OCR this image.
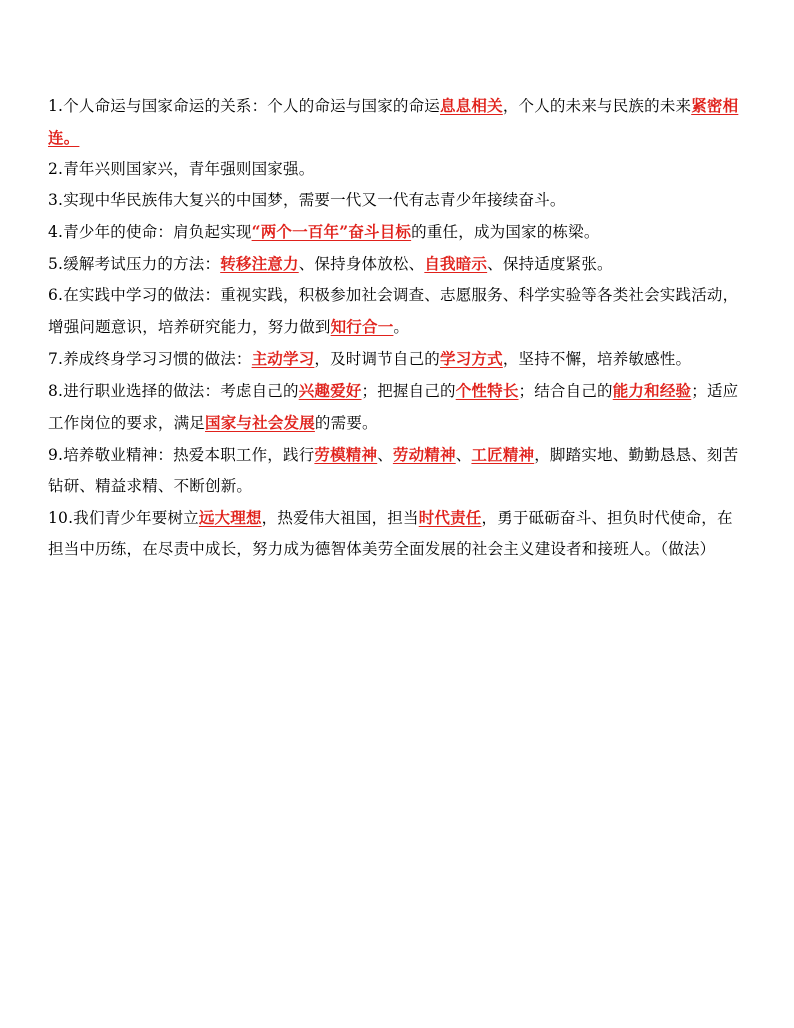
1.个人命运与国家命运的关系：个人的命运与国家的命运息息相关，个人的未来与民族的未来紧密相连。

2.青年兴则国家兴，青年强则国家强。

3.实现中华民族伟大复兴的中国梦，需要一代又一代有志青少年接续奋斗。

4.青少年的使命：肩负起实现“两个一百年”奋斗目标的重任，成为国家的栋梁。

5.缓解考试压力的方法：转移注意力、保持身体放松、自我暗示、保持适度紧张。

6.在实践中学习的做法：重视实践，积极参加社会调查、志愿服务、科学实验等各类社会实践活动，增强问题意识，培养研究能力，努力做到知行合一。

7.养成终身学习习惯的做法：主动学习，及时调节自己的学习方式，坚持不懈，培养敏感性。

8.进行职业选择的做法：考虑自己的兴趣爱好；把握自己的个性特长；结合自己的能力和经验；适应工作岗位的要求，满足国家与社会发展的需要。

9.培养敬业精神：热爱本职工作，践行劳模精神、劳动精神、工匠精神，脚踏实地、勤勤恳恳、刻苦钻研、精益求精、不断创新。

10.我们青少年要树立远大理想，热爱伟大祖国，担当时代责任，勇于砥砺奋斗、担负时代使命，在担当中历练，在尽责中成长，努力成为德智体美劳全面发展的社会主义建设者和接班人。（做法）
